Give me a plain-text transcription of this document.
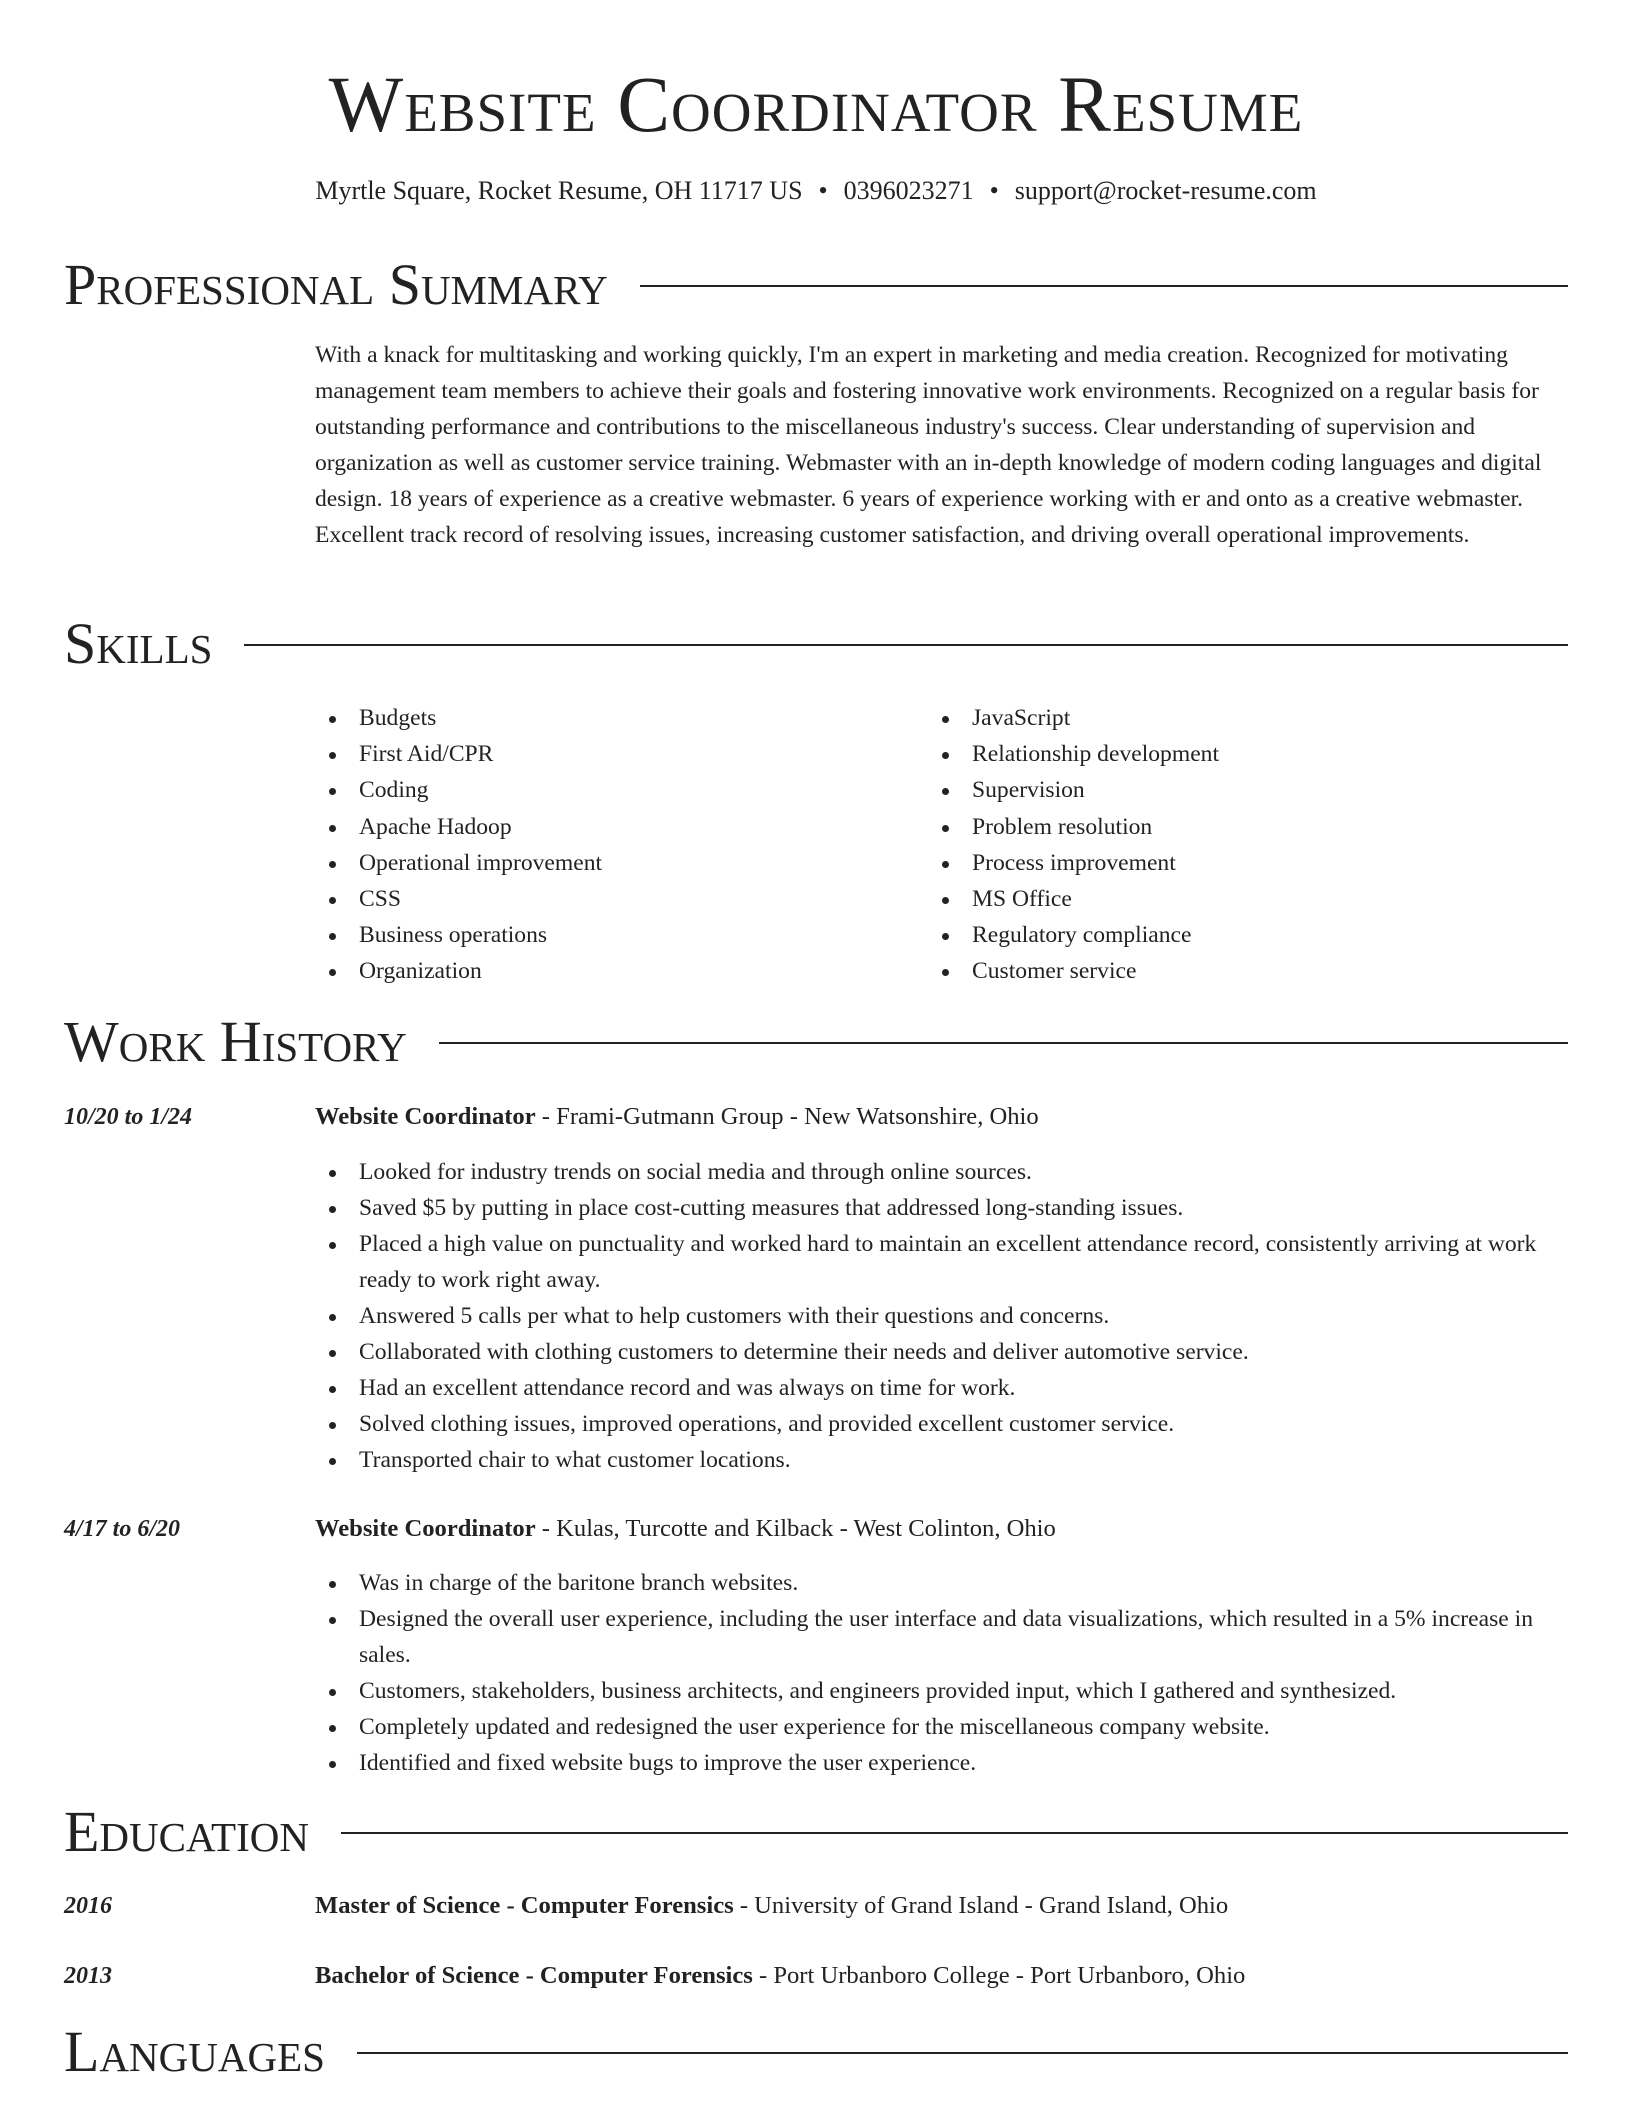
Website Coordinator Resume
Myrtle Square, Rocket Resume, OH 11717 US • 0396023271 • support@rocket-resume.com
Professional Summary

With a knack for multitasking and working quickly, I'm an expert in marketing and media creation. Recognized for motivating management team members to achieve their goals and fostering innovative work environments. Recognized on a regular basis for outstanding performance and contributions to the miscellaneous industry's success. Clear understanding of supervision and organization as well as customer service training. Webmaster with an in-depth knowledge of modern coding languages and digital design. 18 years of experience as a creative webmaster. 6 years of experience working with er and onto as a creative webmaster. Excellent track record of resolving issues, increasing customer satisfaction, and driving overall operational improvements.

Skills
Budgets
First Aid/CPR
Coding
Apache Hadoop
Operational improvement
CSS
Business operations
Organization
JavaScript
Relationship development
Supervision
Problem resolution
Process improvement
MS Office
Regulatory compliance
Customer service
Work History
10/20 to 1/24	Website Coordinator - Frami-Gutmann Group - New Watsonshire, Ohio
Looked for industry trends on social media and through online sources.
Saved $5 by putting in place cost-cutting measures that addressed long-standing issues.
Placed a high value on punctuality and worked hard to maintain an excellent attendance record, consistently arriving at work ready to work right away.
Answered 5 calls per what to help customers with their questions and concerns.
Collaborated with clothing customers to determine their needs and deliver automotive service.
Had an excellent attendance record and was always on time for work.
Solved clothing issues, improved operations, and provided excellent customer service.
Transported chair to what customer locations.
4/17 to 6/20	Website Coordinator - Kulas, Turcotte and Kilback - West Colinton, Ohio
Was in charge of the baritone branch websites.
Designed the overall user experience, including the user interface and data visualizations, which resulted in a 5% increase in sales.
Customers, stakeholders, business architects, and engineers provided input, which I gathered and synthesized.
Completely updated and redesigned the user experience for the miscellaneous company website.
Identified and fixed website bugs to improve the user experience.
Education
2016	Master of Science - Computer Forensics - University of Grand Island - Grand Island, Ohio
2013	Bachelor of Science - Computer Forensics - Port Urbanboro College - Port Urbanboro, Ohio
Languages
